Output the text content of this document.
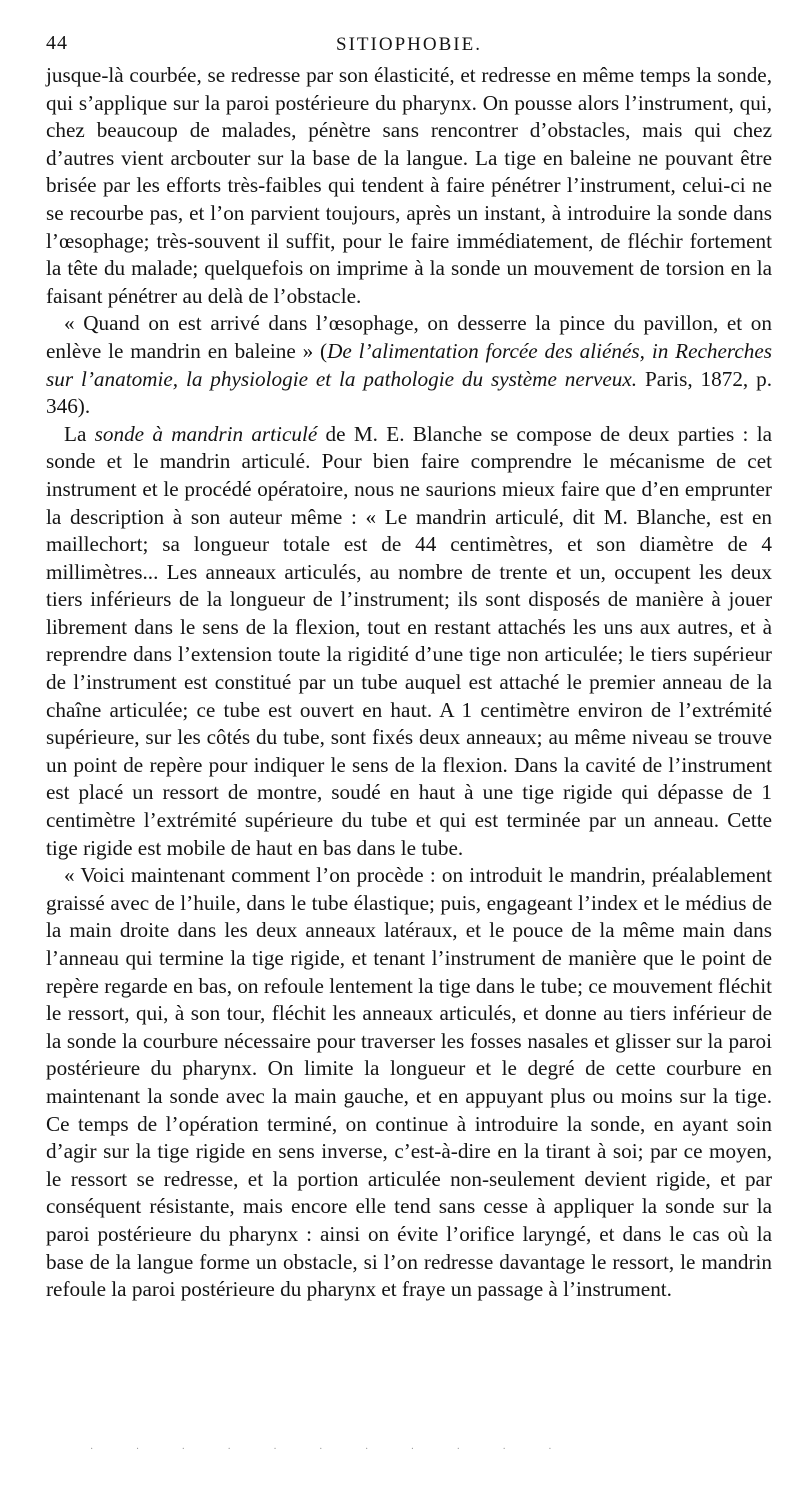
44	SITIOPHOBIE.

jusque-là courbée, se redresse par son élasticité, et redresse en même temps la sonde, qui s’applique sur la paroi postérieure du pharynx. On pousse alors l’instrument, qui, chez beaucoup de malades, pénètre sans rencontrer d’obstacles, mais qui chez d’autres vient arcbouter sur la base de la langue. La tige en baleine ne pouvant être brisée par les efforts très-faibles qui tendent à faire pénétrer l’instrument, celui-ci ne se recourbe pas, et l’on parvient toujours, après un instant, à introduire la sonde dans l’œsophage; très-souvent il suffit, pour le faire immédiatement, de fléchir fortement la tête du malade; quelquefois on imprime à la sonde un mouvement de torsion en la faisant pénétrer au delà de l’obstacle.

« Quand on est arrivé dans l’œsophage, on desserre la pince du pavillon, et on enlève le mandrin en baleine » (De l’alimentation forcée des aliénés, in Recherches sur l’anatomie, la physiologie et la pathologie du système nerveux. Paris, 1872, p. 346).

La sonde à mandrin articulé de M. E. Blanche se compose de deux parties : la sonde et le mandrin articulé. Pour bien faire comprendre le mécanisme de cet instrument et le procédé opératoire, nous ne saurions mieux faire que d’en emprunter la description à son auteur même : « Le mandrin articulé, dit M. Blanche, est en maillechort; sa longueur totale est de 44 centimètres, et son diamètre de 4 millimètres... Les anneaux articulés, au nombre de trente et un, occupent les deux tiers inférieurs de la longueur de l’instrument; ils sont disposés de manière à jouer librement dans le sens de la flexion, tout en restant attachés les uns aux autres, et à reprendre dans l’extension toute la rigidité d’une tige non articulée; le tiers supérieur de l’instrument est constitué par un tube auquel est attaché le premier anneau de la chaîne articulée; ce tube est ouvert en haut. A 1 centimètre environ de l’extrémité supérieure, sur les côtés du tube, sont fixés deux anneaux; au même niveau se trouve un point de repère pour indiquer le sens de la flexion. Dans la cavité de l’instrument est placé un ressort de montre, soudé en haut à une tige rigide qui dépasse de 1 centimètre l’extrémité supérieure du tube et qui est terminée par un anneau. Cette tige rigide est mobile de haut en bas dans le tube.

« Voici maintenant comment l’on procède : on introduit le mandrin, préalablement graissé avec de l’huile, dans le tube élastique; puis, engageant l’index et le médius de la main droite dans les deux anneaux latéraux, et le pouce de la même main dans l’anneau qui termine la tige rigide, et tenant l’instrument de manière que le point de repère regarde en bas, on refoule lentement la tige dans le tube; ce mouvement fléchit le ressort, qui, à son tour, fléchit les anneaux articulés, et donne au tiers inférieur de la sonde la courbure nécessaire pour traverser les fosses nasales et glisser sur la paroi postérieure du pharynx. On limite la longueur et le degré de cette courbure en maintenant la sonde avec la main gauche, et en appuyant plus ou moins sur la tige. Ce temps de l’opération terminé, on continue à introduire la sonde, en ayant soin d’agir sur la tige rigide en sens inverse, c’est-à-dire en la tirant à soi; par ce moyen, le ressort se redresse, et la portion articulée non-seulement devient rigide, et par conséquent résistante, mais encore elle tend sans cesse à appliquer la sonde sur la paroi postérieure du pharynx : ainsi on évite l’orifice laryngé, et dans le cas où la base de la langue forme un obstacle, si l’on redresse davantage le ressort, le mandrin refoule la paroi postérieure du pharynx et fraye un passage à l’instrument.

· · · · · · · · · · ·
